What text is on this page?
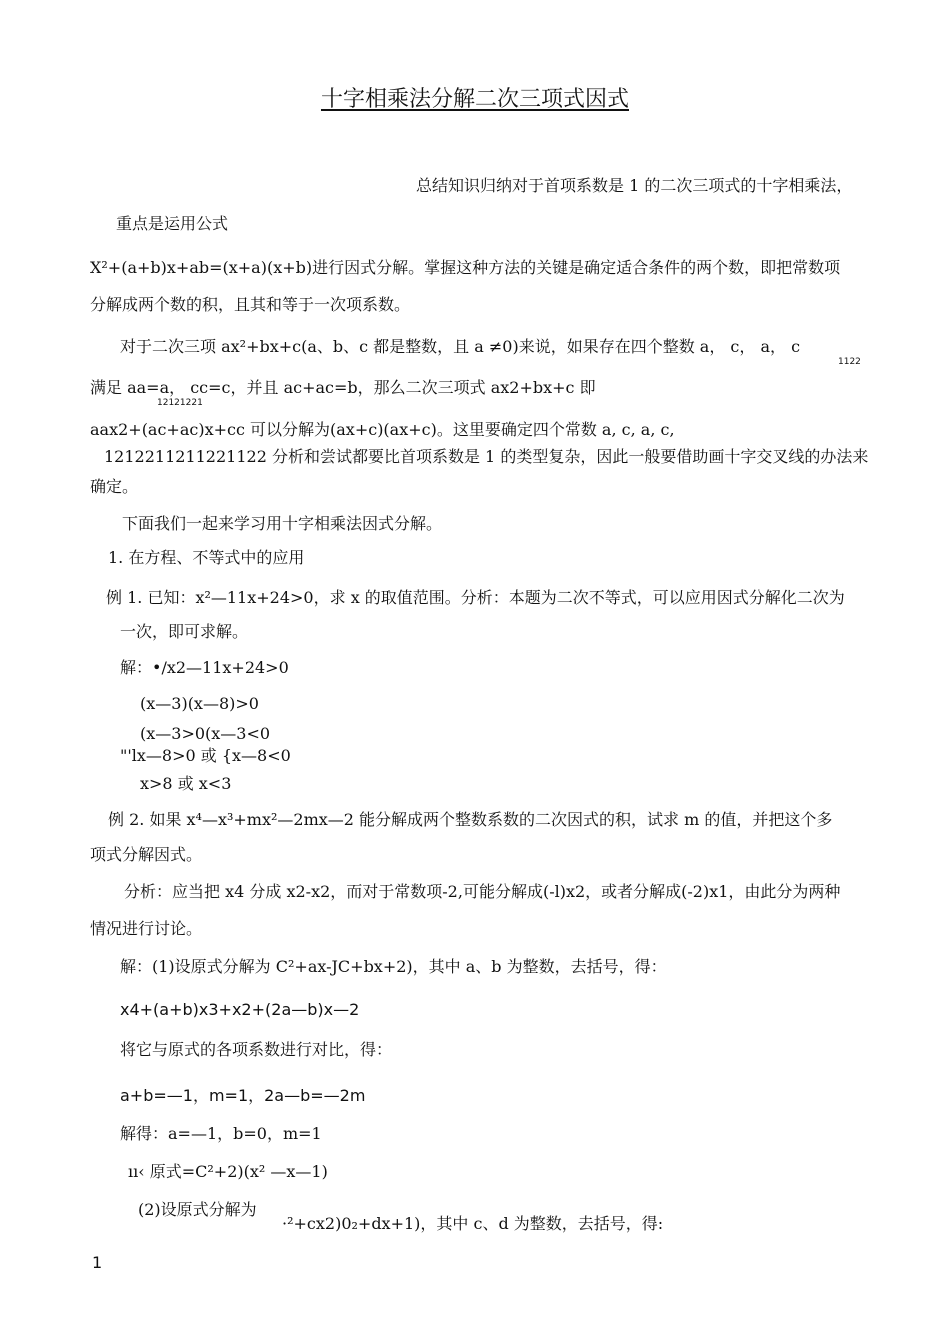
十字相乘法分解二次三项式因式
总结知识归纳对于首项系数是 1 的二次三项式的十字相乘法，
重点是运用公式
X²+(a+b)x+ab=(x+a)(x+b)进行因式分解。掌握这种方法的关键是确定适合条件的两个数，即把常数项
分解成两个数的积，且其和等于一次项系数。
对于二次三项 ax²+bx+c(a、b、c 都是整数，且 a ≠0)来说，如果存在四个整数 a， c， a， c
1122
满足 aa=a， cc=c，并且 ac+ac=b，那么二次三项式 ax2+bx+c 即
12121221
aax2+(ac+ac)x+cc 可以分解为(ax+c)(ax+c)。这里要确定四个常数 a, c, a, c,
1212211211221122 分析和尝试都要比首项系数是 1 的类型复杂，因此一般要借助画十字交叉线的办法来
确定。
下面我们一起来学习用十字相乘法因式分解。
1. 在方程、不等式中的应用
例 1. 已知：x²—11x+24>0，求 x 的取值范围。分析：本题为二次不等式，可以应用因式分解化二次为
一次，即可求解。
解：•/x2—11x+24>0
(x—3)(x—8)>0
(x—3>0(x—3<0
"'lx—8>0 或 {x—8<0
x>8 或 x<3
例 2. 如果 x⁴—x³+mx²—2mx—2 能分解成两个整数系数的二次因式的积，试求 m 的值，并把这个多
项式分解因式。
分析：应当把 x4 分成 x2-x2，而对于常数项-2,可能分解成(-l)x2，或者分解成(-2)x1，由此分为两种
情况进行讨论。
解：(1)设原式分解为 C²+ax-JC+bx+2)，其中 a、b 为整数，去括号，得：
x4+(a+b)x3+x2+(2a—b)x—2
将它与原式的各项系数进行对比，得：
a+b=—1，m=1，2a—b=—2m
解得：a=—1，b=0，m=1
ıı‹ 原式=C²+2)(x² —x—1)
(2)设原式分解为
·²+cx2)0₂+dx+1)，其中 c、d 为整数，去括号，得:
1
